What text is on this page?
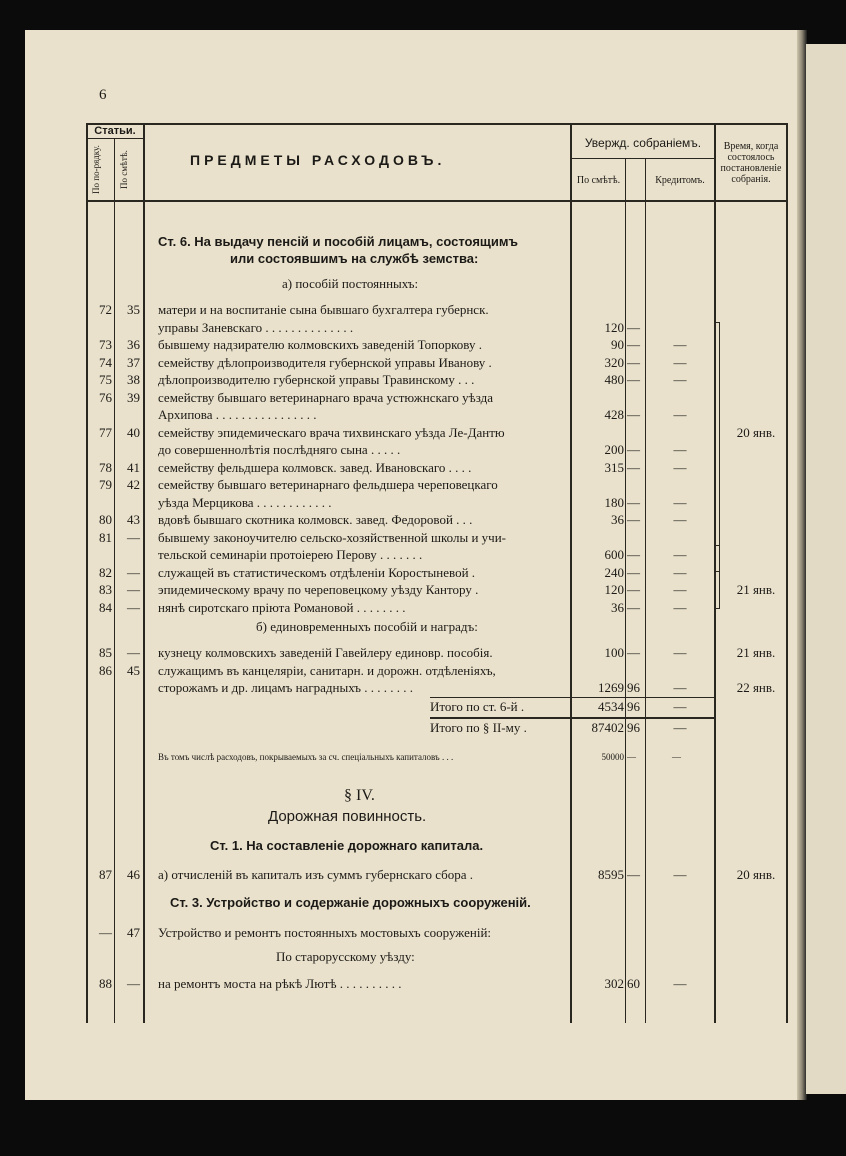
6
Статьи.
По по-рядку. По смѣтѣ.	ПРЕДМЕТЫ РАСХОДОВЪ.
Увержд. собраніемъ.
По смѣтѣ.	Кредитомъ.
Время, когда состоялось постановленіе собранія.
Ст. 6. На выдачу пенсій и пособій лицамъ, состоящимъ
или состоявшимъ на службѣ земства:
а) пособій постоянныхъ:
72	35 матери и на воспитаніе сына бывшаго бухгалтера губернск.
управы Заневскаго . . . . . . . . . . . . . .	120 —
73	36 бывшему надзирателю колмовскихъ заведеній Топоркову .	90 —	—
74	37 семейству дѣлопроизводителя губернской управы Иванову .	320 —	—
75	38 дѣлопроизводителю губернской управы Травинскому . . .	480 —	—
76	39 семейству бывшаго ветеринарнаго врача устюжнскаго уѣзда
Архипова . . . . . . . . . . . . . . . .	428 —	—
77	40 семейству эпидемическаго врача тихвинскаго уѣзда Ле-Дантю	20 янв.
до совершеннолѣтія послѣдняго сына . . . . .	200 —	—
78	41 семейству фельдшера колмовск. завед. Ивановскаго . . . .	315 —	—
79	42 семейству бывшаго ветеринарнаго фельдшера череповецкаго
уѣзда Мерцикова . . . . . . . . . . . .	180 —	—
80	43 вдовѣ бывшаго скотника колмовск. завед. Федоровой . . .	36 —	—
81	— бывшему законоучителю сельско-хозяйственной школы и учи-
тельской семинаріи протоіерею Перову . . . . . . .	600 —	—
82	— служащей въ статистическомъ отдѣленіи Коростыневой .	240 —	—
83	— эпидемическому врачу по череповецкому уѣзду Кантору .	120 —	—	21 янв.
84	— нянѣ сиротскаго пріюта Романовой . . . . . . . .	36 —	—
б) единовременныхъ пособій и наградъ:
85	— кузнецу колмовскихъ заведеній Гавейлеру единовр. пособія.	100 —	—	21 янв.
86	45 служащимъ въ канцеляріи, санитарн. и дорожн. отдѣленіяхъ,
сторожамъ и др. лицамъ наградныхъ . . . . . . . .	1269 96	—	22 янв.
Итого по ст. 6-й .	4534 96	—
Итого по § II-му .	87402 96	—
Въ томъ числѣ расходовъ, покрываемыхъ за сч. спеціальныхъ капиталовъ . . .	50000 —	—
§ IV.
Дорожная повинность.
Ст. 1. На составленіе дорожнаго капитала.
87	46 а) отчисленій въ капиталъ изъ суммъ губернскаго сбора .	8595 —	—	20 янв.
Ст. 3. Устройство и содержаніе дорожныхъ сооруженій.
—	47 Устройство и ремонтъ постоянныхъ мостовыхъ сооруженій:
По старорусскому уѣзду:
88	— на ремонтъ моста на рѣкѣ Лютѣ . . . . . . . . . .	302 60	—
